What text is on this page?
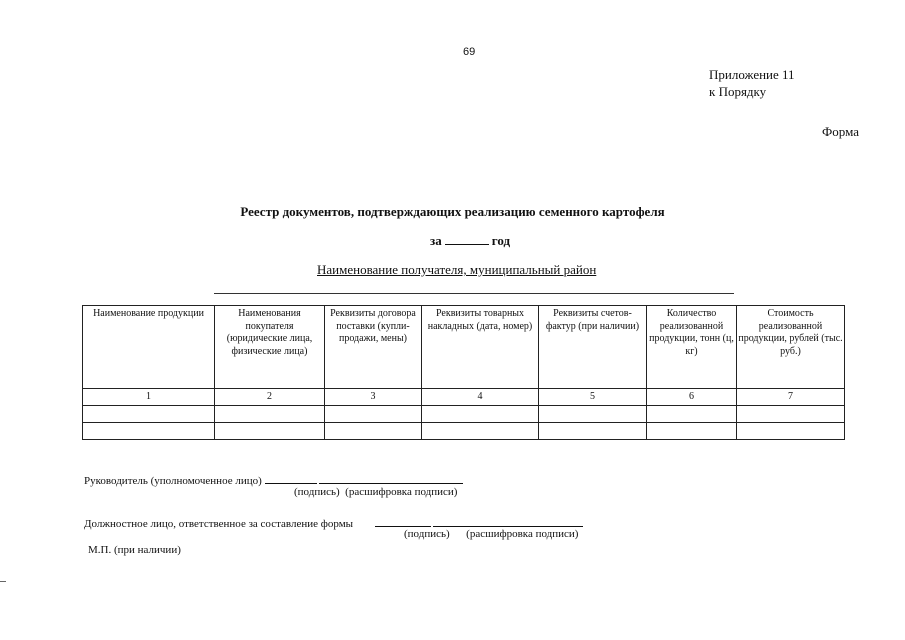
69
Приложение 11
к Порядку
Форма
Реестр документов, подтверждающих реализацию семенного картофеля
за	год
Наименование получателя, муниципальный район
Наименование продукции	Наименования покупателя (юридические лица, физические лица)	Реквизиты договора поставки (купли-продажи, мены)	Реквизиты товарных накладных (дата, номер)	Реквизиты счетов-фактур (при наличии)	Количество реализованной продукции, тонн (ц, кг)	Стоимость реализованной продукции, рублей (тыс. руб.)
1	2	3	4	5	6	7

Руководитель (уполномоченное лицо)
(подпись) (расшифровка подписи)
Должностное лицо, ответственное за составление формы
(подпись) (расшифровка подписи)
М.П. (при наличии)
